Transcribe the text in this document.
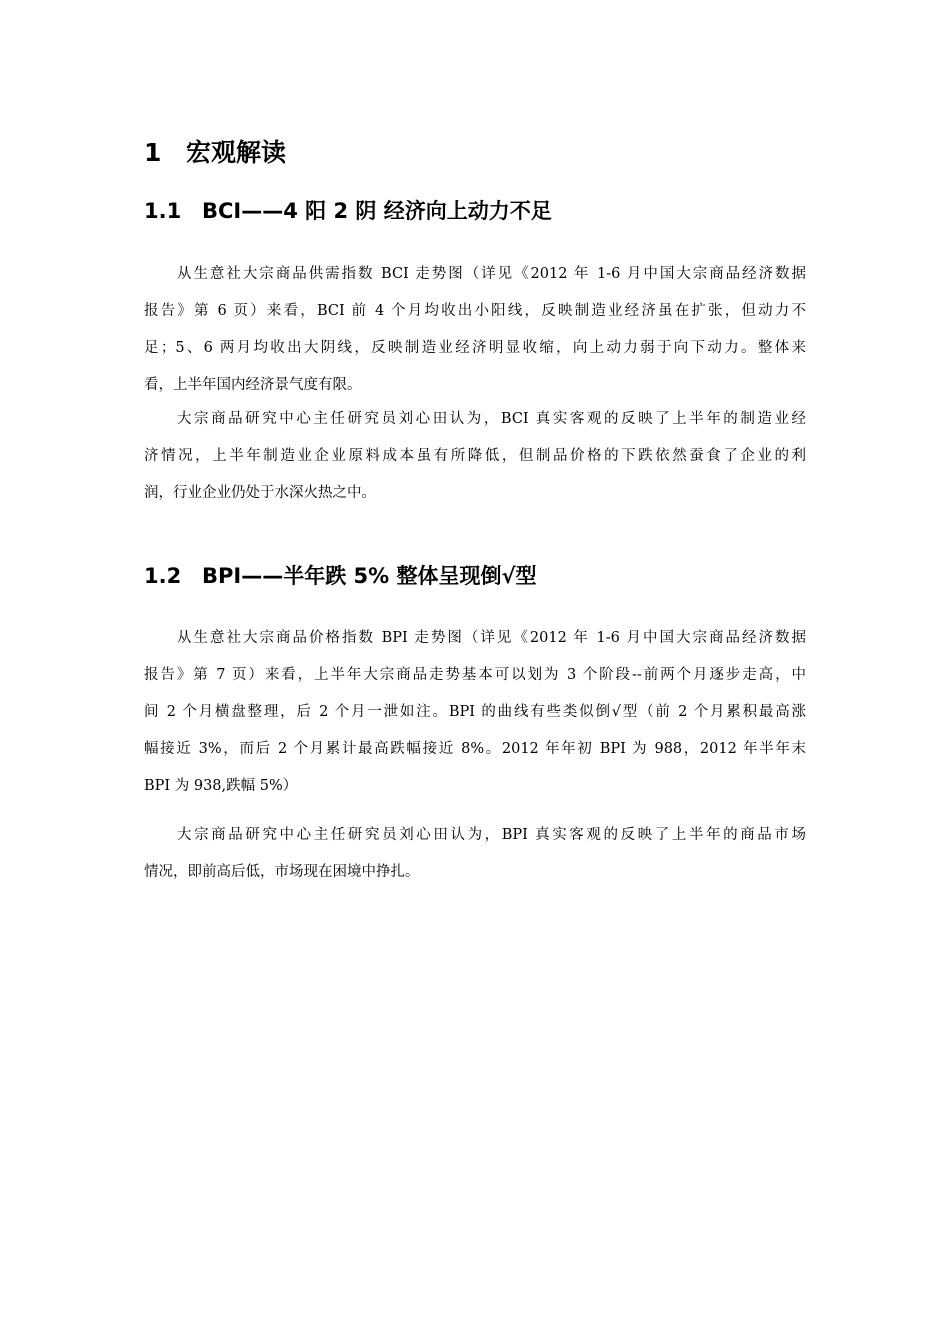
1 宏观解读
1.1 BCI——4 阳 2 阴 经济向上动力不足
从生意社大宗商品供需指数 BCI 走势图（详见《2012 年 1-6 月中国大宗商品经济数据
报告》第 6 页）来看，BCI 前 4 个月均收出小阳线，反映制造业经济虽在扩张，但动力不
足；5、6 两月均收出大阴线，反映制造业经济明显收缩，向上动力弱于向下动力。整体来
看，上半年国内经济景气度有限。
大宗商品研究中心主任研究员刘心田认为，BCI 真实客观的反映了上半年的制造业经
济情况，上半年制造业企业原料成本虽有所降低，但制品价格的下跌依然蚕食了企业的利
润，行业企业仍处于水深火热之中。
1.2 BPI——半年跌 5% 整体呈现倒√型
从生意社大宗商品价格指数 BPI 走势图（详见《2012 年 1-6 月中国大宗商品经济数据
报告》第 7 页）来看，上半年大宗商品走势基本可以划为 3 个阶段--前两个月逐步走高，中
间 2 个月横盘整理，后 2 个月一泄如注。BPI 的曲线有些类似倒√型（前 2 个月累积最高涨
幅接近 3%，而后 2 个月累计最高跌幅接近 8%。2012 年年初 BPI 为 988，2012 年半年末
BPI 为 938,跌幅 5%）
大宗商品研究中心主任研究员刘心田认为，BPI 真实客观的反映了上半年的商品市场
情况，即前高后低，市场现在困境中挣扎。
